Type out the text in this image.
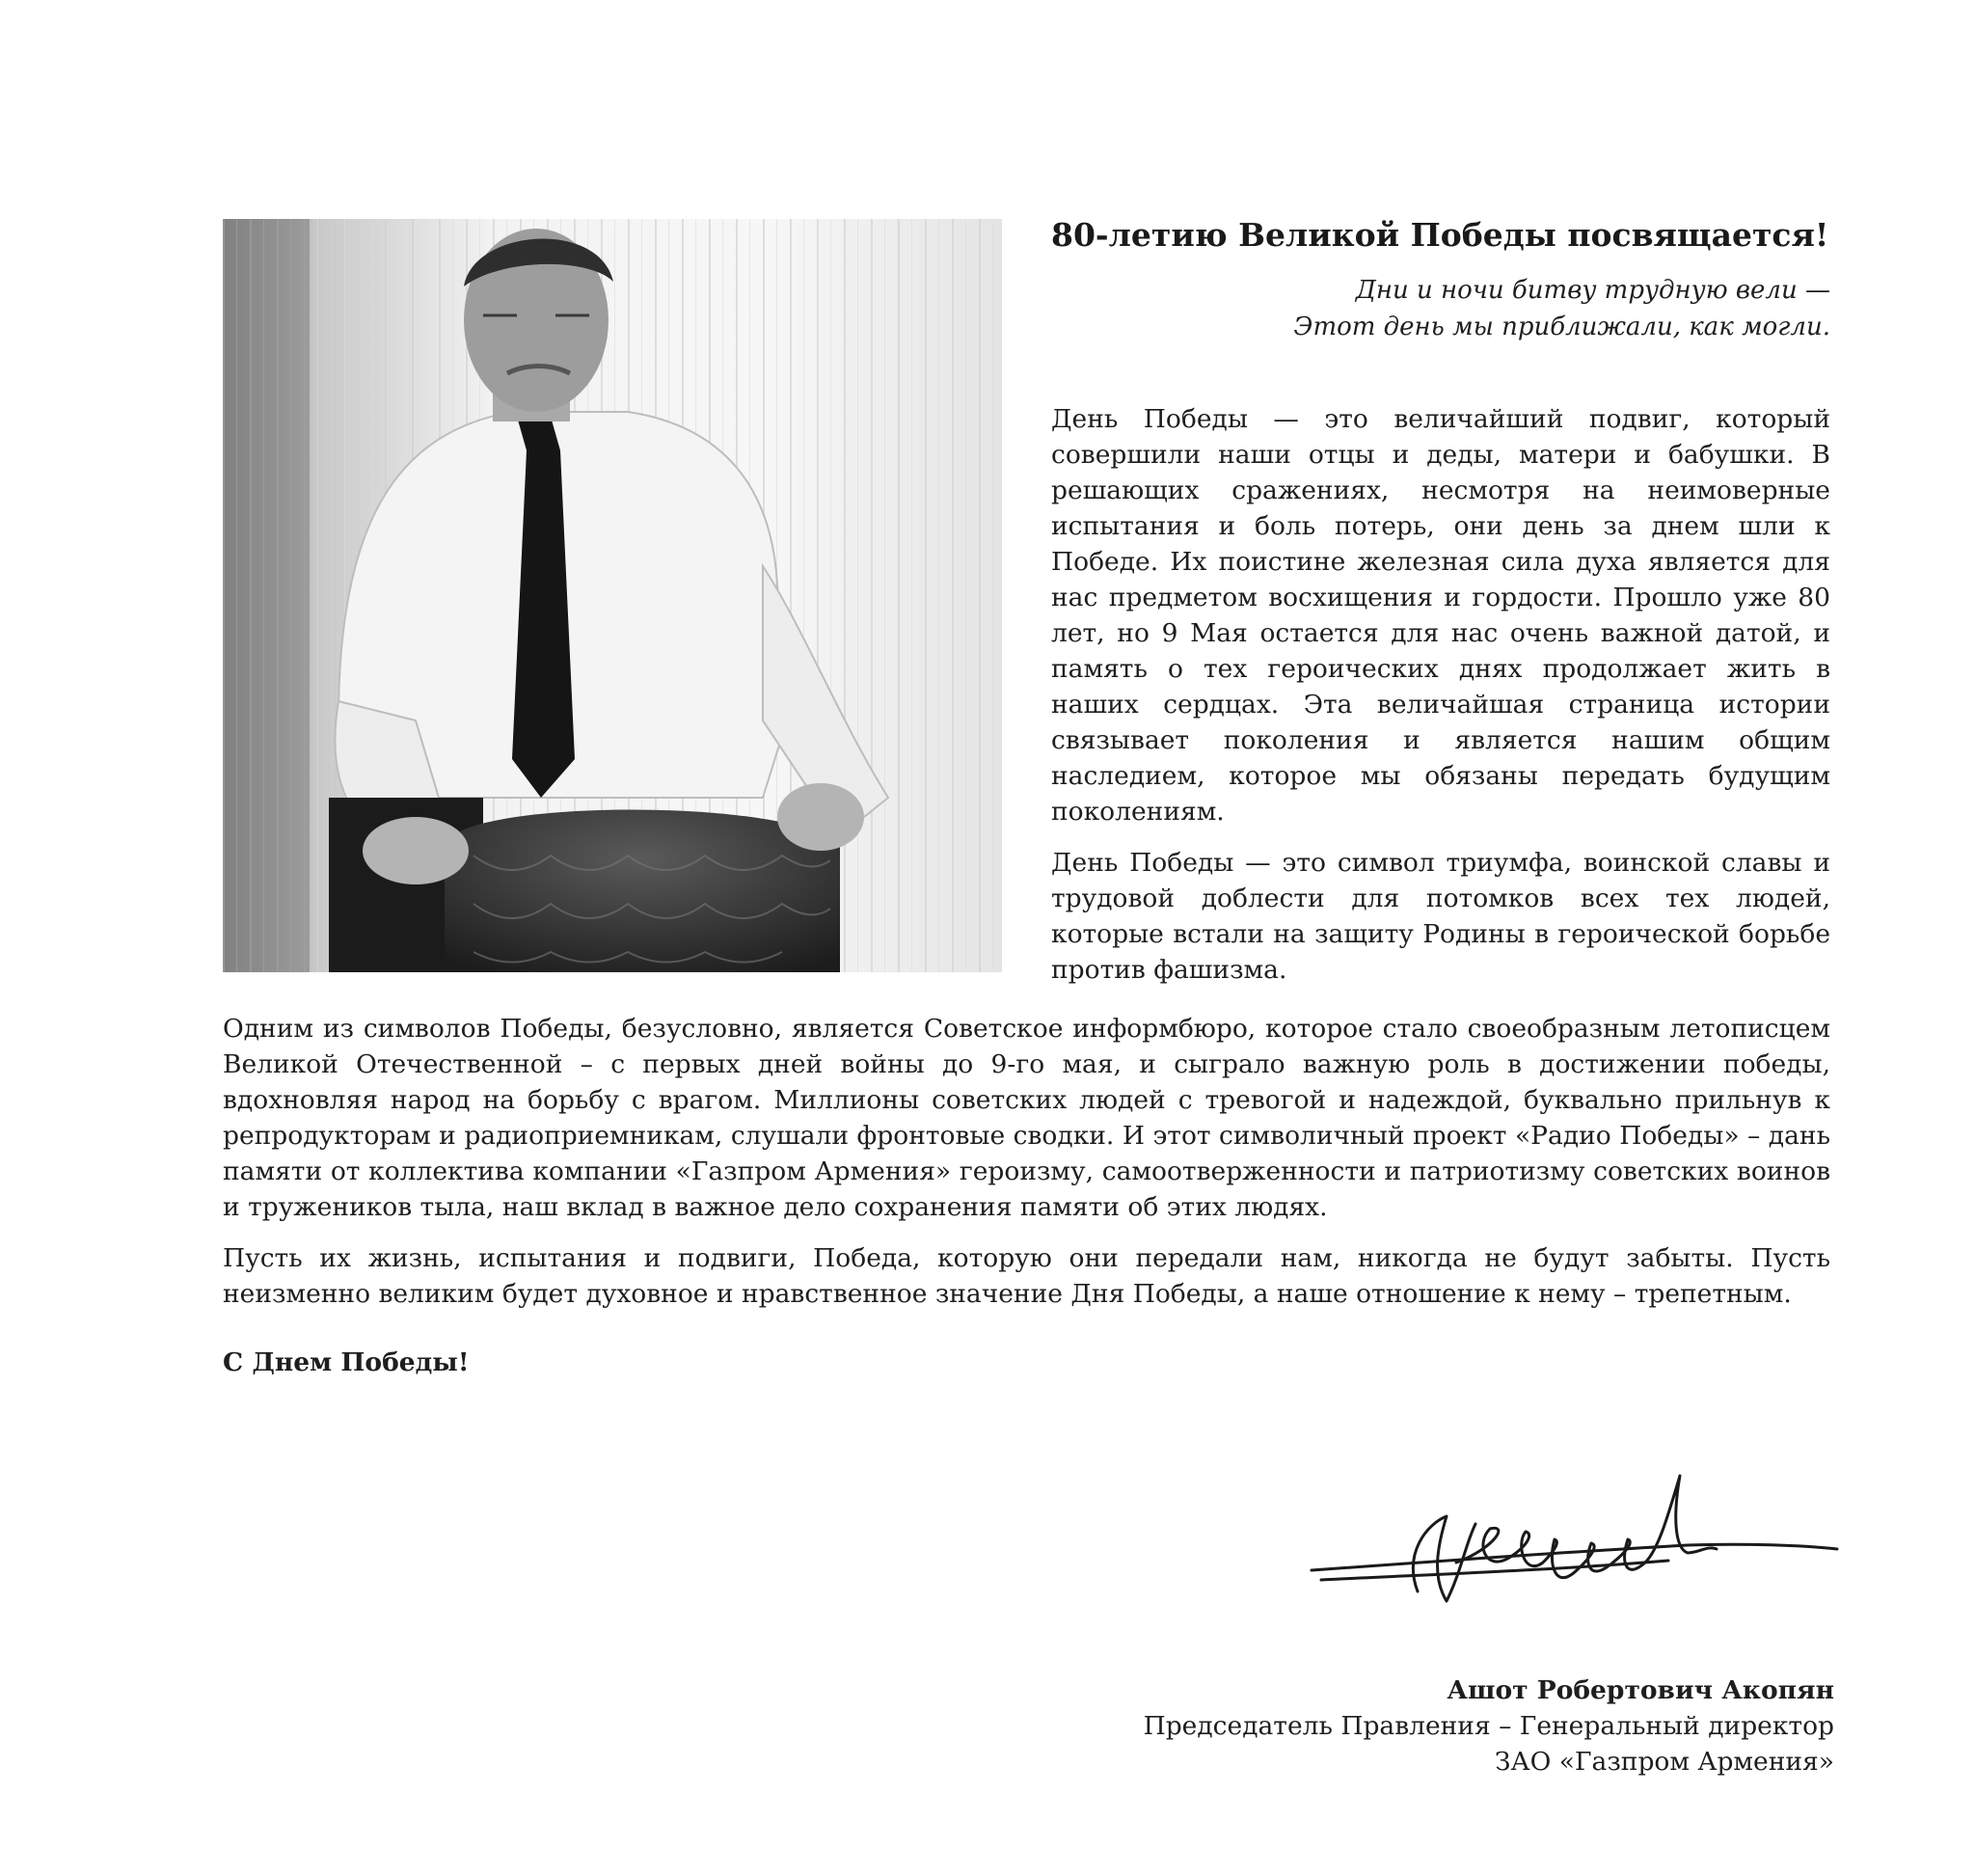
80-летию Великой Победы посвящается!
Дни и ночи битву трудную вели —
Этот день мы приближали, как могли.

День Победы — это величайший подвиг, который совершили наши отцы и деды, матери и бабушки. В решающих сражениях, несмотря на неимоверные испытания и боль потерь, они день за днем шли к Победе. Их поистине железная сила духа является для нас предметом восхищения и гордости. Прошло уже 80 лет, но 9 Мая остается для нас очень важной датой, и память о тех героических днях продолжает жить в наших сердцах. Эта величайшая страница истории связывает поколения и является нашим общим наследием, которое мы обязаны передать будущим поколениям.

День Победы — это символ триумфа, воинской славы и трудовой доблести для потомков всех тех людей, которые встали на защиту Родины в героической борьбе против фашизма.

Одним из символов Победы, безусловно, является Советское информбюро, которое стало своеобразным летописцем Великой Отечественной – с первых дней войны до 9-го мая, и сыграло важную роль в достижении победы, вдохновляя народ на борьбу с врагом. Миллионы советских людей с тревогой и надеждой, буквально прильнув к репродукторам и радиоприемникам, слушали фронтовые сводки. И этот символичный проект «Радио Победы» – дань памяти от коллектива компании «Газпром Армения» героизму, самоотверженности и патриотизму советских воинов и тружеников тыла, наш вклад в важное дело сохранения памяти об этих людях.

Пусть их жизнь, испытания и подвиги, Победа, которую они передали нам, никогда не будут забыты. Пусть неизменно великим будет духовное и нравственное значение Дня Победы, а наше отношение к нему – трепетным.

С Днем Победы!
Ашот Робертович Акопян
Председатель Правления – Генеральный директор
ЗАО «Газпром Армения»
